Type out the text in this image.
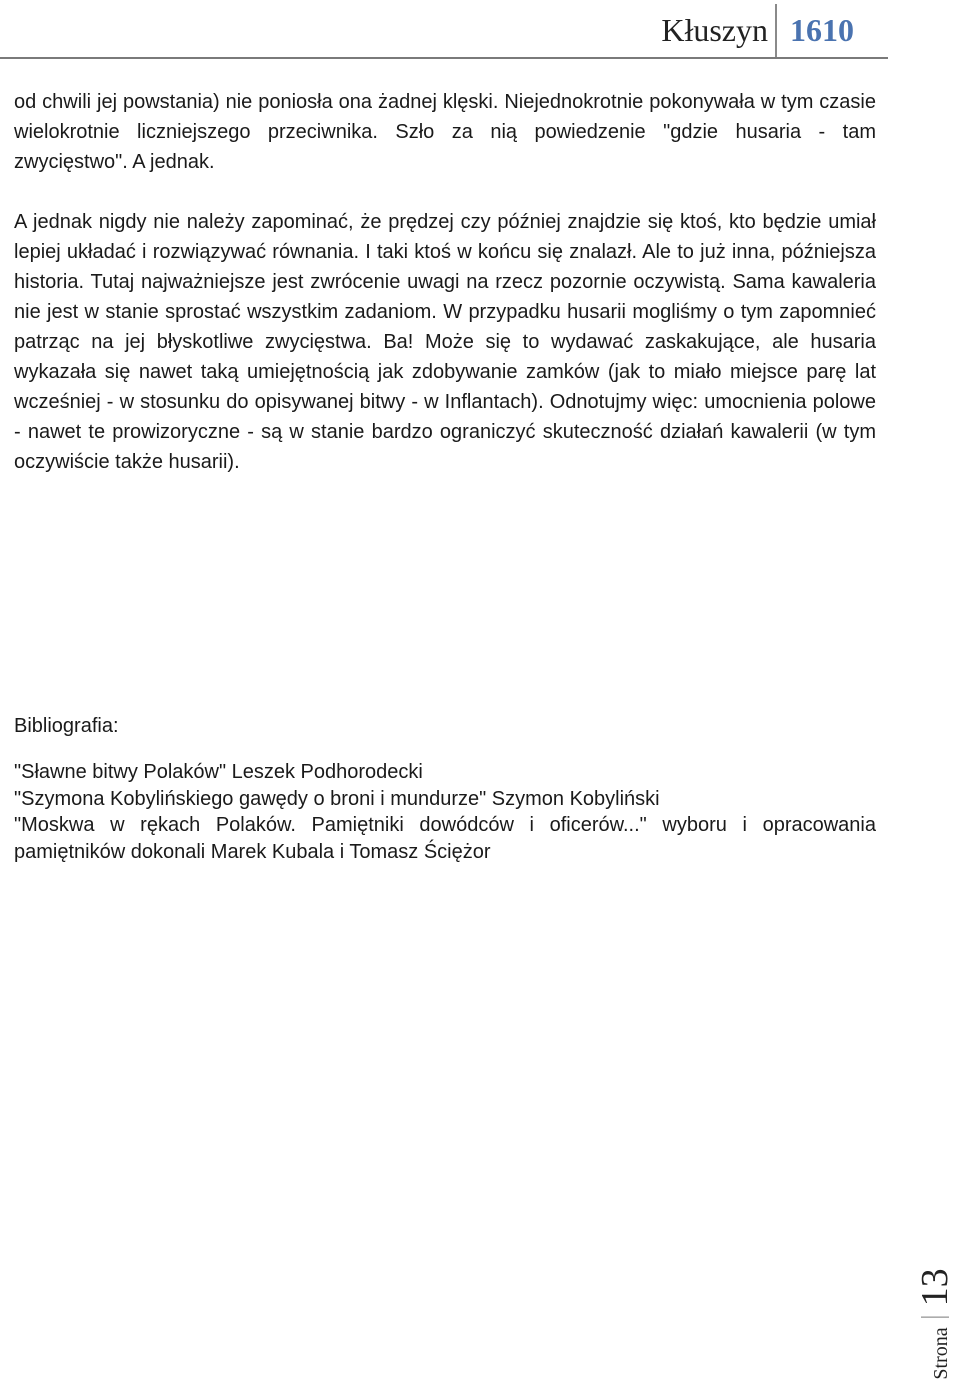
Kłuszyn 1610

od chwili jej powstania) nie poniosła ona żadnej klęski. Niejednokrotnie pokonywała w tym czasie wielokrotnie liczniejszego przeciwnika. Szło za nią powiedzenie "gdzie husaria - tam zwycięstwo". A jednak.

A jednak nigdy nie należy zapominać, że prędzej czy później znajdzie się ktoś, kto będzie umiał lepiej układać i rozwiązywać równania. I taki ktoś w końcu się znalazł. Ale to już inna, późniejsza historia. Tutaj najważniejsze jest zwrócenie uwagi na rzecz pozornie oczywistą. Sama kawaleria nie jest w stanie sprostać wszystkim zadaniom. W przypadku husarii mogliśmy o tym zapomnieć patrząc na jej błyskotliwe zwycięstwa. Ba! Może się to wydawać zaskakujące, ale husaria wykazała się nawet taką umiejętnością jak zdobywanie zamków (jak to miało miejsce parę lat wcześniej - w stosunku do opisywanej bitwy - w Inflantach). Odnotujmy więc: umocnienia polowe - nawet te prowizoryczne - są w stanie bardzo ograniczyć skuteczność działań kawalerii (w tym oczywiście także husarii).

Bibliografia:

"Sławne bitwy Polaków" Leszek Podhorodecki
"Szymona Kobylińskiego gawędy o broni i mundurze" Szymon Kobyliński
"Moskwa w rękach Polaków. Pamiętniki dowódców i oficerów..." wyboru i opracowania pamiętników dokonali Marek Kubala i Tomasz Ściężor
Strona
13
